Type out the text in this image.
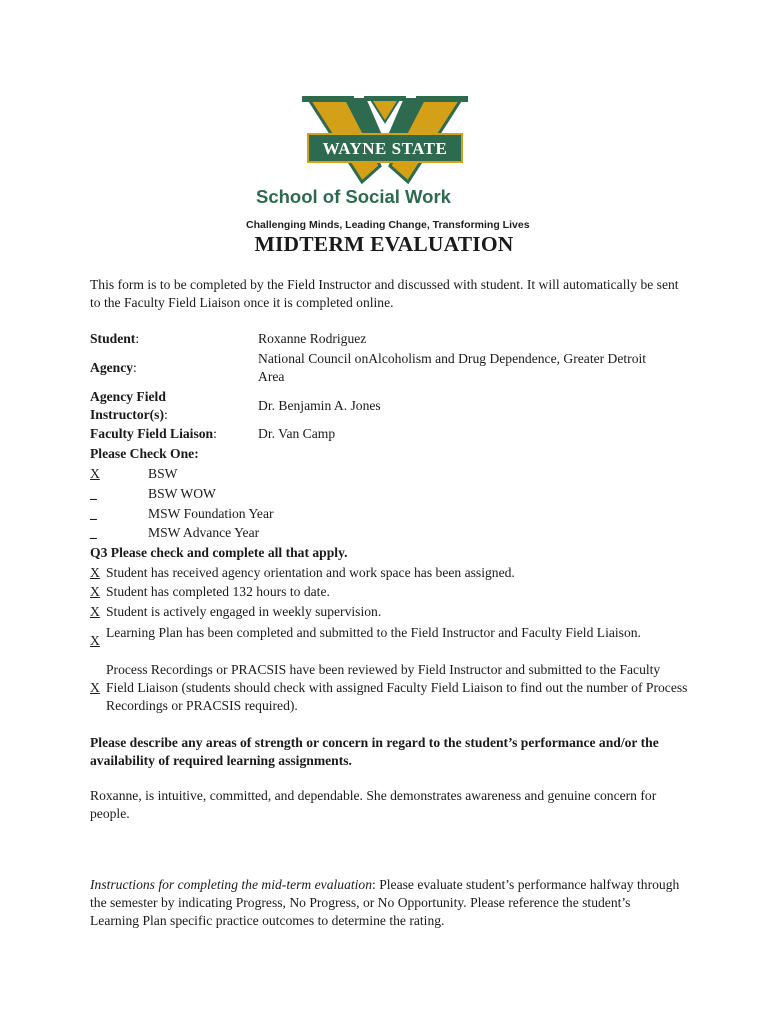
WAYNE STATE
School of Social Work
Challenging Minds, Leading Change, Transforming Lives
MIDTERM EVALUATION
This form is to be completed by the Field Instructor and discussed with student. It will automatically be sent to the Faculty Field Liaison once it is completed online.
Student:	Roxanne Rodriguez
Agency:
National Council onAlcoholism and Drug Dependence, Greater Detroit Area
Agency Field Instructor(s):
Dr. Benjamin A. Jones
Faculty Field Liaison:	Dr. Van Camp
Please Check One:
X	BSW
_	BSW WOW
_	MSW Foundation Year
_	MSW Advance Year
Q3 Please check and complete all that apply.
X Student has received agency orientation and work space has been assigned.
X Student has completed 132 hours to date.
X Student is actively engaged in weekly supervision.
X
Learning Plan has been completed and submitted to the Field Instructor and Faculty Field Liaison.
X
Process Recordings or PRACSIS have been reviewed by Field Instructor and submitted to the Faculty Field Liaison (students should check with assigned Faculty Field Liaison to find out the number of Process Recordings or PRACSIS required).
Please describe any areas of strength or concern in regard to the student’s performance and/or the availability of required learning assignments.
Roxanne, is intuitive, committed, and dependable. She demonstrates awareness and genuine concern for people.
Instructions for completing the mid-term evaluation: Please evaluate student’s performance halfway through the semester by indicating Progress, No Progress, or No Opportunity. Please reference the student’s Learning Plan specific practice outcomes to determine the rating.
